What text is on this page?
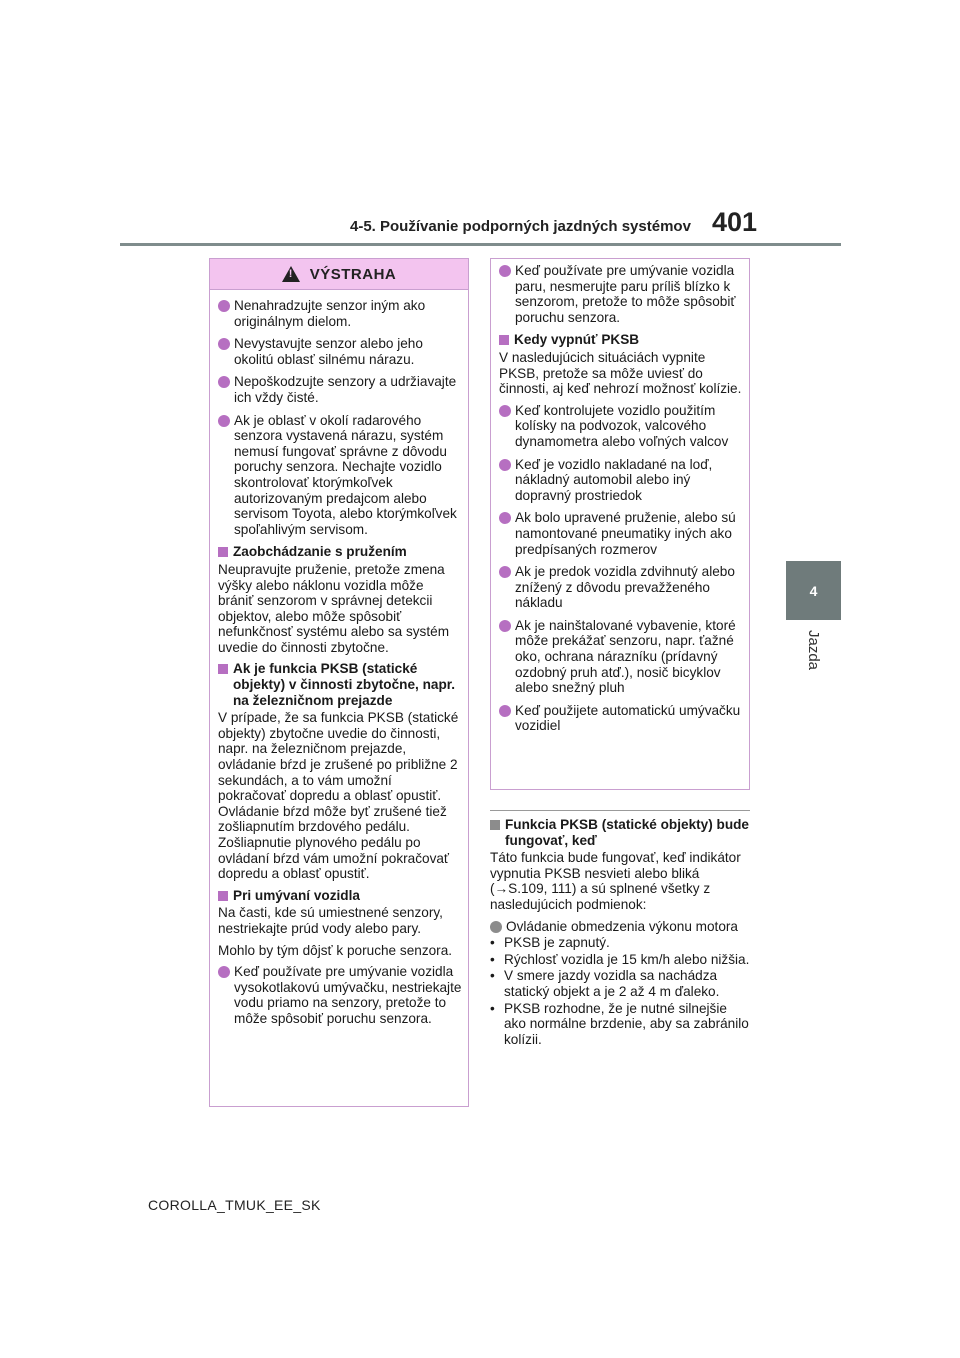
4-5. Používanie podporných jazdných systémov 401
4
Jazda
!
VÝSTRAHA
Nenahradzujte senzor iným ako originálnym dielom.
Nevystavujte senzor alebo jeho okolitú oblasť silnému nárazu.
Nepoškodzujte senzory a udržiavajte ich vždy čisté.
Ak je oblasť v okolí radarového senzora vystavená nárazu, systém nemusí fungovať správne z dôvodu poruchy senzora. Nechajte vozidlo skontrolovať ktorýmkoľvek autorizovaným predajcom alebo servisom Toyota, alebo ktorýmkoľvek spoľahlivým servisom.
Zaobchádzanie s pružením
Neupravujte pruženie, pretože zmena výšky alebo náklonu vozidla môže brániť senzorom v správnej detekcii objektov, alebo môže spôsobiť nefunkčnosť systému alebo sa systém uvedie do činnosti zbytočne.
Ak je funkcia PKSB (statické objekty) v činnosti zbytočne, napr. na železničnom prejazde
V prípade, že sa funkcia PKSB (statické objekty) zbytočne uvedie do činnosti, napr. na železničnom prejazde, ovládanie bŕzd je zrušené po približne 2 sekundách, a to vám umožní pokračovať dopredu a oblasť opustiť. Ovládanie bŕzd môže byť zrušené tiež zošliapnutím brzdového pedálu. Zošliapnutie plynového pedálu po ovládaní bŕzd vám umožní pokračovať dopredu a oblasť opustiť.
Pri umývaní vozidla
Na časti, kde sú umiestnené senzory, nestriekajte prúd vody alebo pary.
Mohlo by tým dôjsť k poruche senzora.
Keď používate pre umývanie vozidla vysokotlakovú umývačku, nestriekajte vodu priamo na senzory, pretože to môže spôsobiť poruchu senzora.
Keď používate pre umývanie vozidla paru, nesmerujte paru príliš blízko k senzorom, pretože to môže spôsobiť poruchu senzora.
Kedy vypnúť PKSB
V nasledujúcich situáciách vypnite PKSB, pretože sa môže uviesť do činnosti, aj keď nehrozí možnosť kolízie.
Keď kontrolujete vozidlo použitím kolísky na podvozok, valcového dynamometra alebo voľných valcov
Keď je vozidlo nakladané na loď, nákladný automobil alebo iný dopravný prostriedok
Ak bolo upravené pruženie, alebo sú namontované pneumatiky iných ako predpísaných rozmerov
Ak je predok vozidla zdvihnutý alebo znížený z dôvodu prevažženého nákladu
Ak je nainštalované vybavenie, ktoré môže prekážať senzoru, napr. ťažné oko, ochrana nárazníku (prídavný ozdobný pruh atď.), nosič bicyklov alebo snežný pluh
Keď použijete automatickú umývačku vozidiel
Funkcia PKSB (statické objekty) bude fungovať, keď
Táto funkcia bude fungovať, keď indikátor vypnutia PKSB nesvieti alebo bliká (→S.109, 111) a sú splnené všetky z nasledujúcich podmienok:
Ovládanie obmedzenia výkonu motora
• PKSB je zapnutý.
• Rýchlosť vozidla je 15 km/h alebo nižšia.
• V smere jazdy vozidla sa nachádza statický objekt a je 2 až 4 m ďaleko.
• PKSB rozhodne, že je nutné silnejšie ako normálne brzdenie, aby sa zabránilo kolízii.
COROLLA_TMUK_EE_SK
